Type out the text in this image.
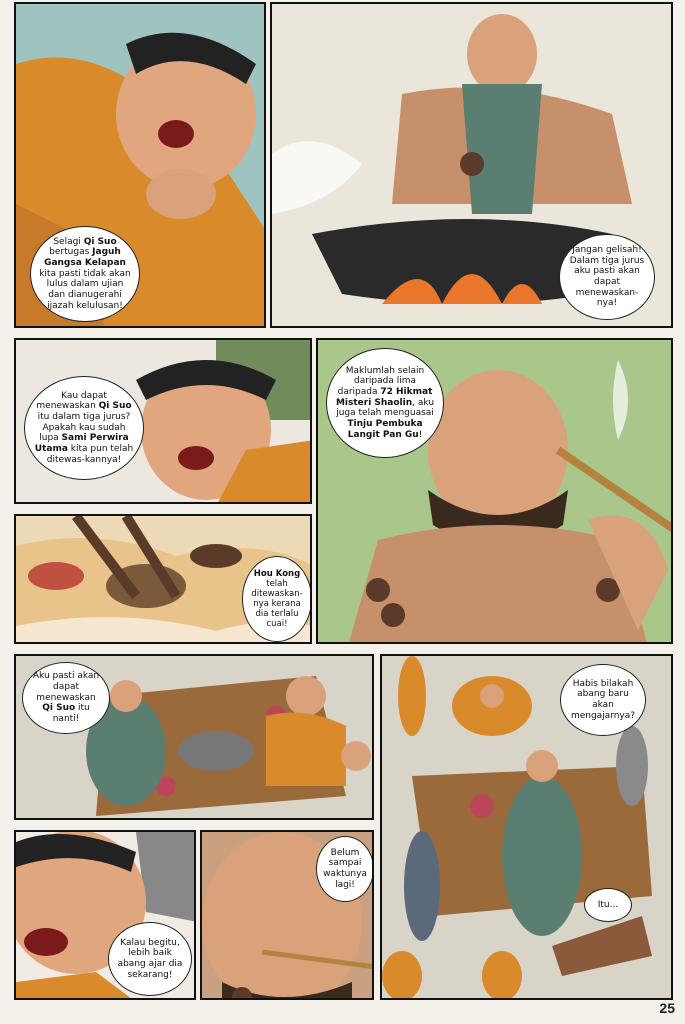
Selagi Qi Suo bertugas Jaguh Gangsa Kelapan kita pasti tidak akan lulus dalam ujian dan dianugerahi ijazah kelulusan!
Jangan gelisah! Dalam tiga jurus aku pasti akan dapat menewaskan-nya!
Kau dapat menewaskan Qi Suo itu dalam tiga jurus? Apakah kau sudah lupa Sami Perwira Utama kita pun telah ditewas-kannya!
Maklumlah selain daripada lima daripada 72 Hikmat Misteri Shaolin, aku juga telah menguasai Tinju Pembuka Langit Pan Gu!
Hou Kong telah ditewaskan-nya kerana dia terlalu cuai!
Aku pasti akan dapat menewaskan Qi Suo itu nanti!
Habis bilakah abang baru akan mengajarnya?
Itu...
Kalau begitu, lebih baik abang ajar dia sekarang!
Belum sampai waktunya lagi!
25
